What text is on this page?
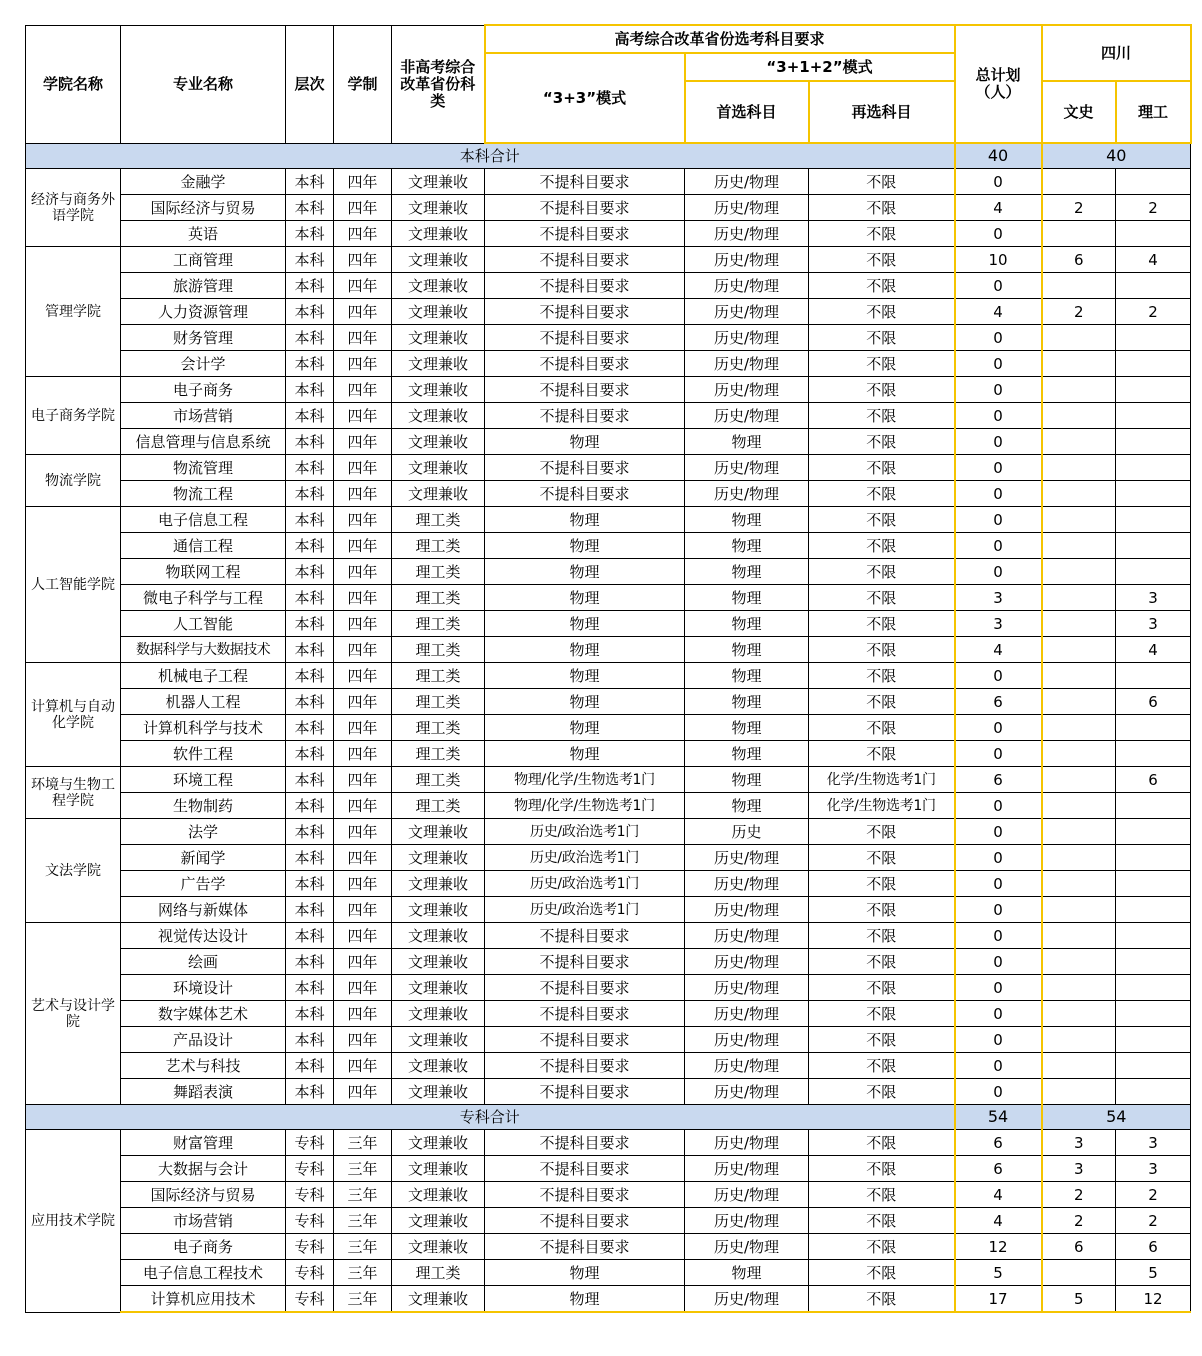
学院名称	专业名称	层次	学制	非高考综合改革省份科类	高考综合改革省份选考科目要求			总计划（人）	四川	
					“3+3”模式	“3+1+2”模式				
						首选科目	再选科目		文史	理工
本科合计								40	40	
经济与商务外语学院	金融学	本科	四年	文理兼收	不提科目要求	历史/物理	不限	0		
	国际经济与贸易	本科	四年	文理兼收	不提科目要求	历史/物理	不限	4	2	2
	英语	本科	四年	文理兼收	不提科目要求	历史/物理	不限	0		
管理学院	工商管理	本科	四年	文理兼收	不提科目要求	历史/物理	不限	10	6	4
	旅游管理	本科	四年	文理兼收	不提科目要求	历史/物理	不限	0		
	人力资源管理	本科	四年	文理兼收	不提科目要求	历史/物理	不限	4	2	2
	财务管理	本科	四年	文理兼收	不提科目要求	历史/物理	不限	0		
	会计学	本科	四年	文理兼收	不提科目要求	历史/物理	不限	0		
电子商务学院	电子商务	本科	四年	文理兼收	不提科目要求	历史/物理	不限	0		
	市场营销	本科	四年	文理兼收	不提科目要求	历史/物理	不限	0		
	信息管理与信息系统	本科	四年	文理兼收	物理	物理	不限	0		
物流学院	物流管理	本科	四年	文理兼收	不提科目要求	历史/物理	不限	0		
	物流工程	本科	四年	文理兼收	不提科目要求	历史/物理	不限	0		
人工智能学院	电子信息工程	本科	四年	理工类	物理	物理	不限	0		
	通信工程	本科	四年	理工类	物理	物理	不限	0		
	物联网工程	本科	四年	理工类	物理	物理	不限	0		
	微电子科学与工程	本科	四年	理工类	物理	物理	不限	3		3
	人工智能	本科	四年	理工类	物理	物理	不限	3		3
	数据科学与大数据技术	本科	四年	理工类	物理	物理	不限	4		4
计算机与自动化学院	机械电子工程	本科	四年	理工类	物理	物理	不限	0		
	机器人工程	本科	四年	理工类	物理	物理	不限	6		6
	计算机科学与技术	本科	四年	理工类	物理	物理	不限	0		
	软件工程	本科	四年	理工类	物理	物理	不限	0		
环境与生物工程学院	环境工程	本科	四年	理工类	物理/化学/生物选考1门	物理	化学/生物选考1门	6		6
	生物制药	本科	四年	理工类	物理/化学/生物选考1门	物理	化学/生物选考1门	0		
文法学院	法学	本科	四年	文理兼收	历史/政治选考1门	历史	不限	0		
	新闻学	本科	四年	文理兼收	历史/政治选考1门	历史/物理	不限	0		
	广告学	本科	四年	文理兼收	历史/政治选考1门	历史/物理	不限	0		
	网络与新媒体	本科	四年	文理兼收	历史/政治选考1门	历史/物理	不限	0		
艺术与设计学院	视觉传达设计	本科	四年	文理兼收	不提科目要求	历史/物理	不限	0		
	绘画	本科	四年	文理兼收	不提科目要求	历史/物理	不限	0		
	环境设计	本科	四年	文理兼收	不提科目要求	历史/物理	不限	0		
	数字媒体艺术	本科	四年	文理兼收	不提科目要求	历史/物理	不限	0		
	产品设计	本科	四年	文理兼收	不提科目要求	历史/物理	不限	0		
	艺术与科技	本科	四年	文理兼收	不提科目要求	历史/物理	不限	0		
	舞蹈表演	本科	四年	文理兼收	不提科目要求	历史/物理	不限	0		
专科合计								54	54	
应用技术学院	财富管理	专科	三年	文理兼收	不提科目要求	历史/物理	不限	6	3	3
	大数据与会计	专科	三年	文理兼收	不提科目要求	历史/物理	不限	6	3	3
	国际经济与贸易	专科	三年	文理兼收	不提科目要求	历史/物理	不限	4	2	2
	市场营销	专科	三年	文理兼收	不提科目要求	历史/物理	不限	4	2	2
	电子商务	专科	三年	文理兼收	不提科目要求	历史/物理	不限	12	6	6
	电子信息工程技术	专科	三年	理工类	物理	物理	不限	5		5
	计算机应用技术	专科	三年	文理兼收	物理	历史/物理	不限	17	5	12
